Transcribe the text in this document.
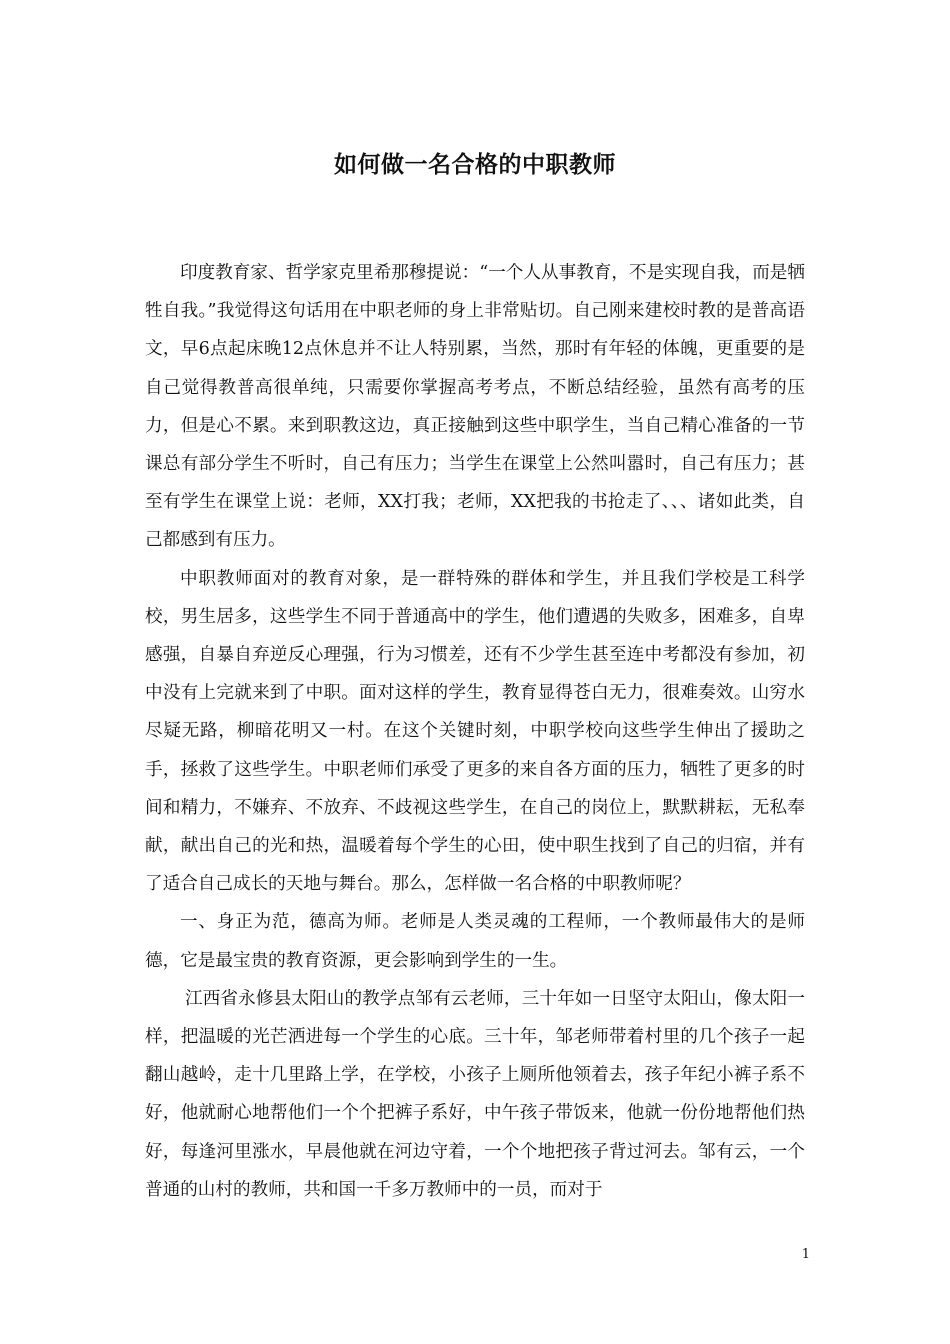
如何做一名合格的中职教师

印度教育家、哲学家克里希那穆提说：“一个人从事教育，不是实现自我，而是牺牲自我。”我觉得这句话用在中职老师的身上非常贴切。自己刚来建校时教的是普高语文，早6点起床晚12点休息并不让人特别累，当然，那时有年轻的体魄，更重要的是自己觉得教普高很单纯，只需要你掌握高考考点，不断总结经验，虽然有高考的压力，但是心不累。来到职教这边，真正接触到这些中职学生，当自己精心准备的一节课总有部分学生不听时，自己有压力；当学生在课堂上公然叫嚣时，自己有压力；甚至有学生在课堂上说：老师，XX打我；老师，XX把我的书抢走了、、、诸如此类，自己都感到有压力。

中职教师面对的教育对象，是一群特殊的群体和学生，并且我们学校是工科学校，男生居多，这些学生不同于普通高中的学生，他们遭遇的失败多，困难多，自卑感强，自暴自弃逆反心理强，行为习惯差，还有不少学生甚至连中考都没有参加，初中没有上完就来到了中职。面对这样的学生，教育显得苍白无力，很难奏效。山穷水尽疑无路，柳暗花明又一村。在这个关键时刻，中职学校向这些学生伸出了援助之手，拯救了这些学生。中职老师们承受了更多的来自各方面的压力，牺牲了更多的时间和精力，不嫌弃、不放弃、不歧视这些学生，在自己的岗位上，默默耕耘，无私奉献，献出自己的光和热，温暖着每个学生的心田，使中职生找到了自己的归宿，并有了适合自己成长的天地与舞台。那么，怎样做一名合格的中职教师呢？

一、身正为范，德高为师。老师是人类灵魂的工程师，一个教师最伟大的是师德，它是最宝贵的教育资源，更会影响到学生的一生。

江西省永修县太阳山的教学点邹有云老师，三十年如一日坚守太阳山，像太阳一样，把温暖的光芒洒进每一个学生的心底。三十年，邹老师带着村里的几个孩子一起翻山越岭，走十几里路上学，在学校，小孩子上厕所他领着去，孩子年纪小裤子系不好，他就耐心地帮他们一个个把裤子系好，中午孩子带饭来，他就一份份地帮他们热好，每逢河里涨水，早晨他就在河边守着，一个个地把孩子背过河去。邹有云，一个普通的山村的教师，共和国一千多万教师中的一员，而对于

1
